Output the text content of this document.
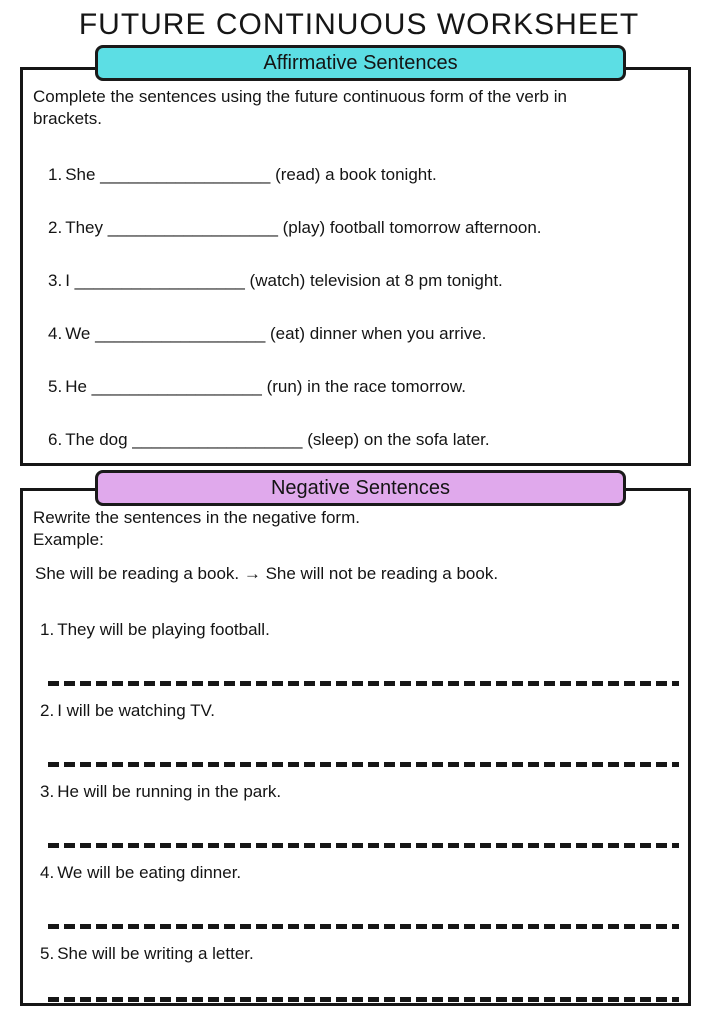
FUTURE CONTINUOUS WORKSHEET
Affirmative Sentences

Complete the sentences using the future continuous form of the verb in brackets.

1. She __________________ (read) a book tonight.
2. They __________________ (play) football tomorrow afternoon.
3. I __________________ (watch) television at 8 pm tonight.
4. We __________________ (eat) dinner when you arrive.
5. He __________________ (run) in the race tomorrow.
6. The dog __________________ (sleep) on the sofa later.
Negative Sentences

Rewrite the sentences in the negative form.

Example:

She will be reading a book. → She will not be reading a book.

1. They will be playing football.
2. I will be watching TV.
3. He will be running in the park.
4. We will be eating dinner.
5. She will be writing a letter.
